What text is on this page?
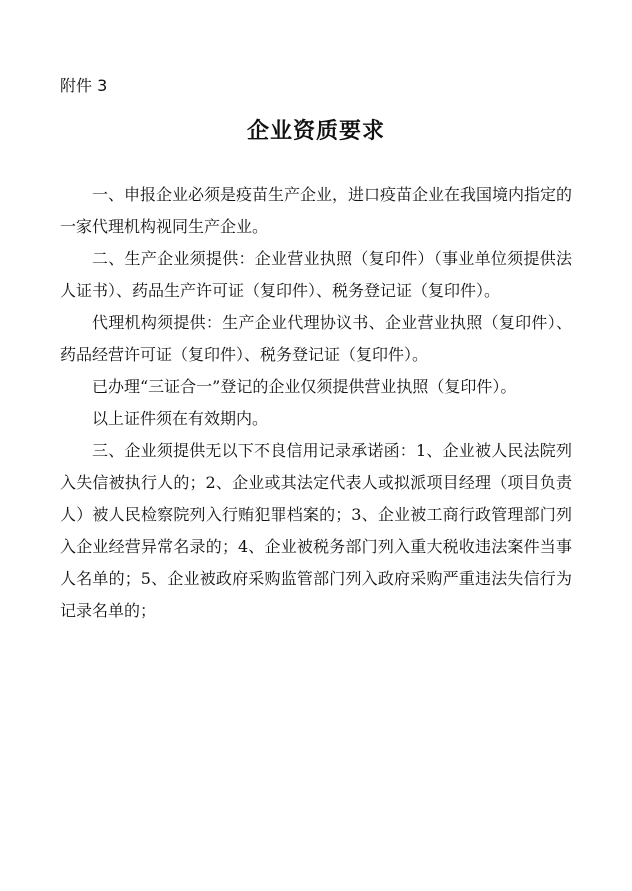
附件 3
企业资质要求

一、申报企业必须是疫苗生产企业，进口疫苗企业在我国境内指定的一家代理机构视同生产企业。

二、生产企业须提供：企业营业执照（复印件）（事业单位须提供法人证书）、药品生产许可证（复印件）、税务登记证（复印件）。

代理机构须提供：生产企业代理协议书、企业营业执照（复印件）、药品经营许可证（复印件）、税务登记证（复印件）。

已办理“三证合一”登记的企业仅须提供营业执照（复印件）。

以上证件须在有效期内。

三、企业须提供无以下不良信用记录承诺函：1、企业被人民法院列入失信被执行人的；2、企业或其法定代表人或拟派项目经理（项目负责人）被人民检察院列入行贿犯罪档案的；3、企业被工商行政管理部门列入企业经营异常名录的；4、企业被税务部门列入重大税收违法案件当事人名单的；5、企业被政府采购监管部门列入政府采购严重违法失信行为记录名单的；
